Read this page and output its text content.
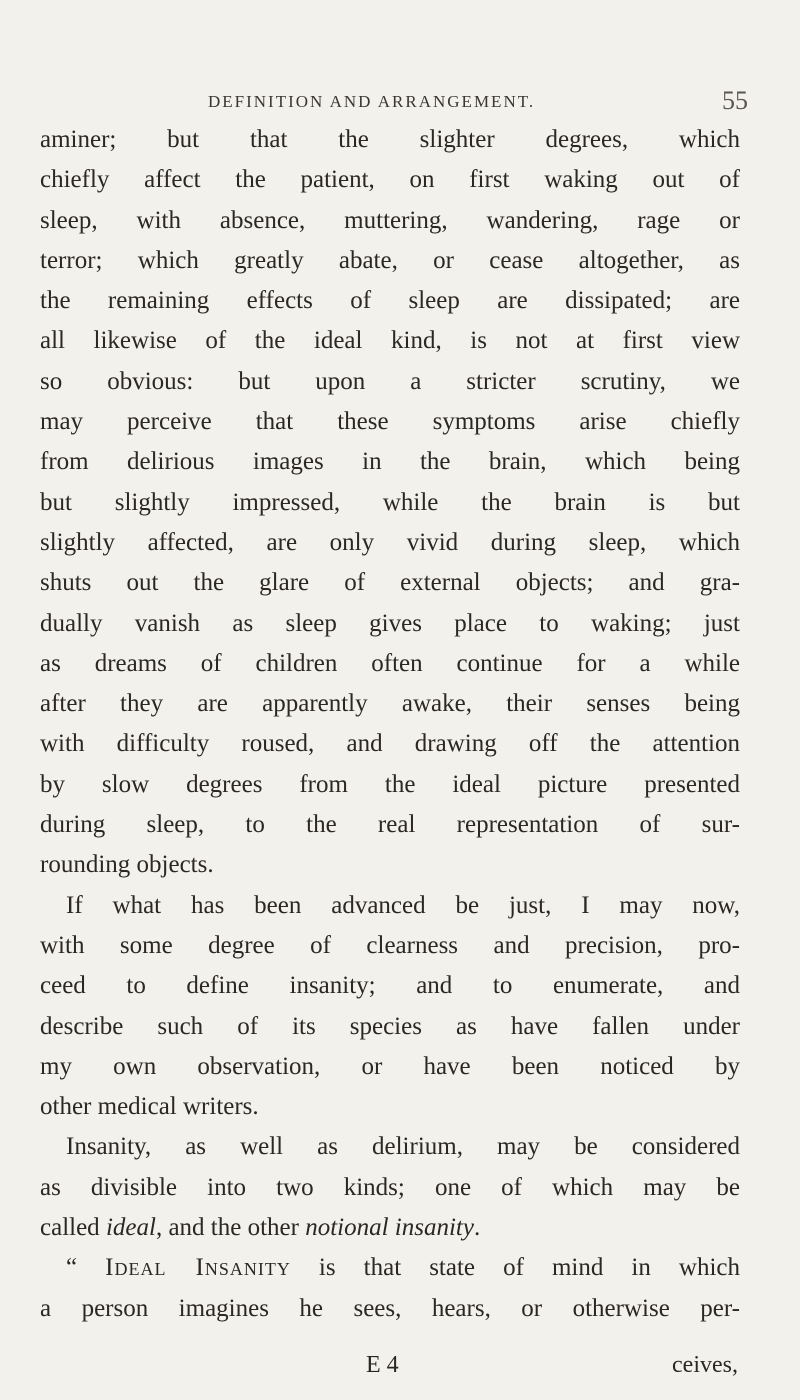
DEFINITION AND ARRANGEMENT.	55
aminer; but that the slighter degrees, which
chiefly affect the patient, on first waking out of
sleep, with absence, muttering, wandering, rage or
terror; which greatly abate, or cease altogether, as
the remaining effects of sleep are dissipated; are
all likewise of the ideal kind, is not at first view
so obvious: but upon a stricter scrutiny, we
may perceive that these symptoms arise chiefly
from delirious images in the brain, which being
but slightly impressed, while the brain is but
slightly affected, are only vivid during sleep, which
shuts out the glare of external objects; and gra-
dually vanish as sleep gives place to waking; just
as dreams of children often continue for a while
after they are apparently awake, their senses being
with difficulty roused, and drawing off the attention
by slow degrees from the ideal picture presented
during sleep, to the real representation of sur-
rounding objects.
If what has been advanced be just, I may now,
with some degree of clearness and precision, pro-
ceed to define insanity; and to enumerate, and
describe such of its species as have fallen under
my own observation, or have been noticed by
other medical writers.
Insanity, as well as delirium, may be considered
as divisible into two kinds; one of which may be
called ideal, and the other notional insanity.
“ Ideal Insanity is that state of mind in which
a person imagines he sees, hears, or otherwise per-
E 4	ceives,
